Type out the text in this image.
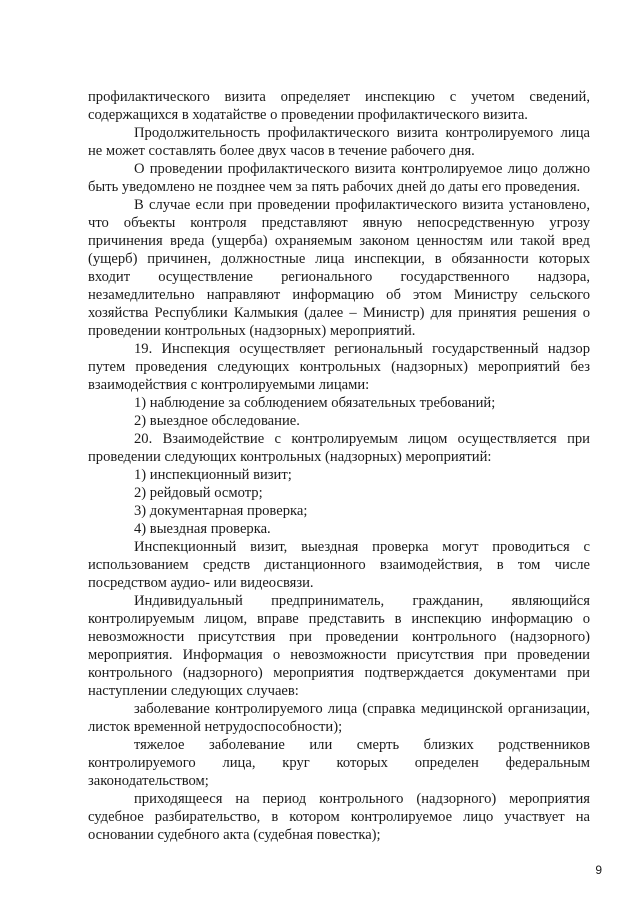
профилактического визита определяет инспекцию с учетом сведений, содержащихся в ходатайстве о проведении профилактического визита.

Продолжительность профилактического визита контролируемого лица не может составлять более двух часов в течение рабочего дня.

О проведении профилактического визита контролируемое лицо должно быть уведомлено не позднее чем за пять рабочих дней до даты его проведения.

В случае если при проведении профилактического визита установлено, что объекты контроля представляют явную непосредственную угрозу причинения вреда (ущерба) охраняемым законом ценностям или такой вред (ущерб) причинен, должностные лица инспекции, в обязанности которых входит осуществление регионального государственного надзора, незамедлительно направляют информацию об этом Министру сельского хозяйства Республики Калмыкия (далее – Министр) для принятия решения о проведении контрольных (надзорных) мероприятий.

19. Инспекция осуществляет региональный государственный надзор путем проведения следующих контрольных (надзорных) мероприятий без взаимодействия с контролируемыми лицами:

1) наблюдение за соблюдением обязательных требований;

2) выездное обследование.

20. Взаимодействие с контролируемым лицом осуществляется при проведении следующих контрольных (надзорных) мероприятий:

1) инспекционный визит;

2) рейдовый осмотр;

3) документарная проверка;

4) выездная проверка.

Инспекционный визит, выездная проверка могут проводиться с использованием средств дистанционного взаимодействия, в том числе посредством аудио- или видеосвязи.

Индивидуальный предприниматель, гражданин, являющийся контролируемым лицом, вправе представить в инспекцию информацию о невозможности присутствия при проведении контрольного (надзорного) мероприятия. Информация о невозможности присутствия при проведении контрольного (надзорного) мероприятия подтверждается документами при наступлении следующих случаев:

заболевание контролируемого лица (справка медицинской организации, листок временной нетрудоспособности);

тяжелое заболевание или смерть близких родственников контролируемого лица, круг которых определен федеральным законодательством;

приходящееся на период контрольного (надзорного) мероприятия судебное разбирательство, в котором контролируемое лицо участвует на основании судебного акта (судебная повестка);

9
